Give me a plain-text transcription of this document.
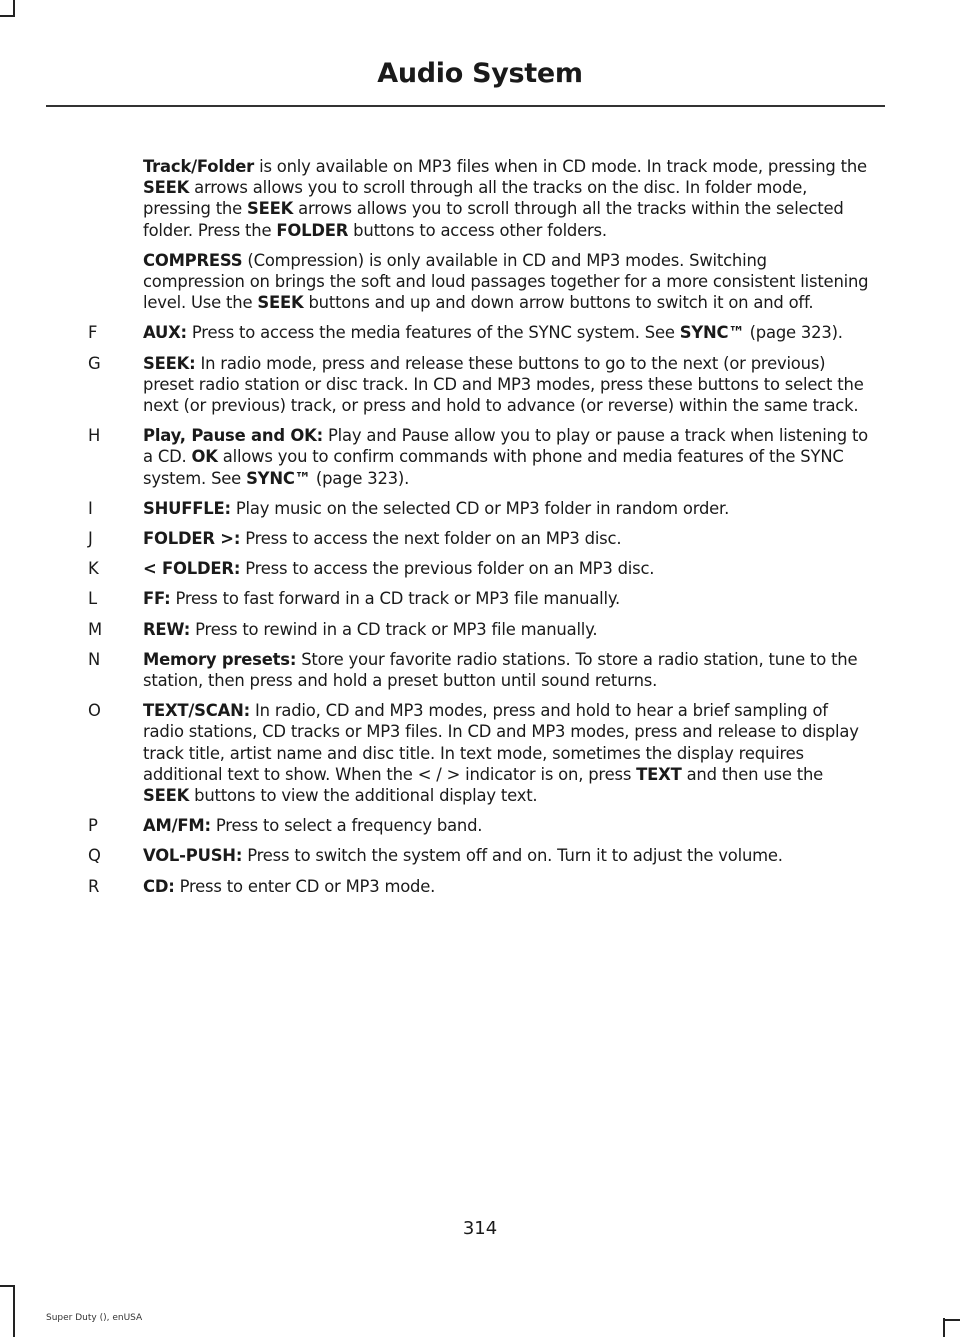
Audio System
Track/Folder is only available on MP3 files when in CD mode. In track mode, pressing the SEEK arrows allows you to scroll through all the tracks on the disc. In folder mode, pressing the SEEK arrows allows you to scroll through all the tracks within the selected folder. Press the FOLDER buttons to access other folders.
COMPRESS (Compression) is only available in CD and MP3 modes. Switching compression on brings the soft and loud passages together for a more consistent listening level. Use the SEEK buttons and up and down arrow buttons to switch it on and off.
F	AUX: Press to access the media features of the SYNC system. See SYNC™ (page 323).
G	SEEK: In radio mode, press and release these buttons to go to the next (or previous) preset radio station or disc track. In CD and MP3 modes, press these buttons to select the next (or previous) track, or press and hold to advance (or reverse) within the same track.
H	Play, Pause and OK: Play and Pause allow you to play or pause a track when listening to a CD. OK allows you to confirm commands with phone and media features of the SYNC system. See SYNC™ (page 323).
I	SHUFFLE: Play music on the selected CD or MP3 folder in random order.
J	FOLDER >: Press to access the next folder on an MP3 disc.
K	< FOLDER: Press to access the previous folder on an MP3 disc.
L	FF: Press to fast forward in a CD track or MP3 file manually.
M	REW: Press to rewind in a CD track or MP3 file manually.
N	Memory presets: Store your favorite radio stations. To store a radio station, tune to the station, then press and hold a preset button until sound returns.
O	TEXT/SCAN: In radio, CD and MP3 modes, press and hold to hear a brief sampling of radio stations, CD tracks or MP3 files. In CD and MP3 modes, press and release to display track title, artist name and disc title. In text mode, sometimes the display requires additional text to show. When the < / > indicator is on, press TEXT and then use the SEEK buttons to view the additional display text.
P	AM/FM: Press to select a frequency band.
Q	VOL-PUSH: Press to switch the system off and on. Turn it to adjust the volume.
R	CD: Press to enter CD or MP3 mode.
314
Super Duty (), enUSA
